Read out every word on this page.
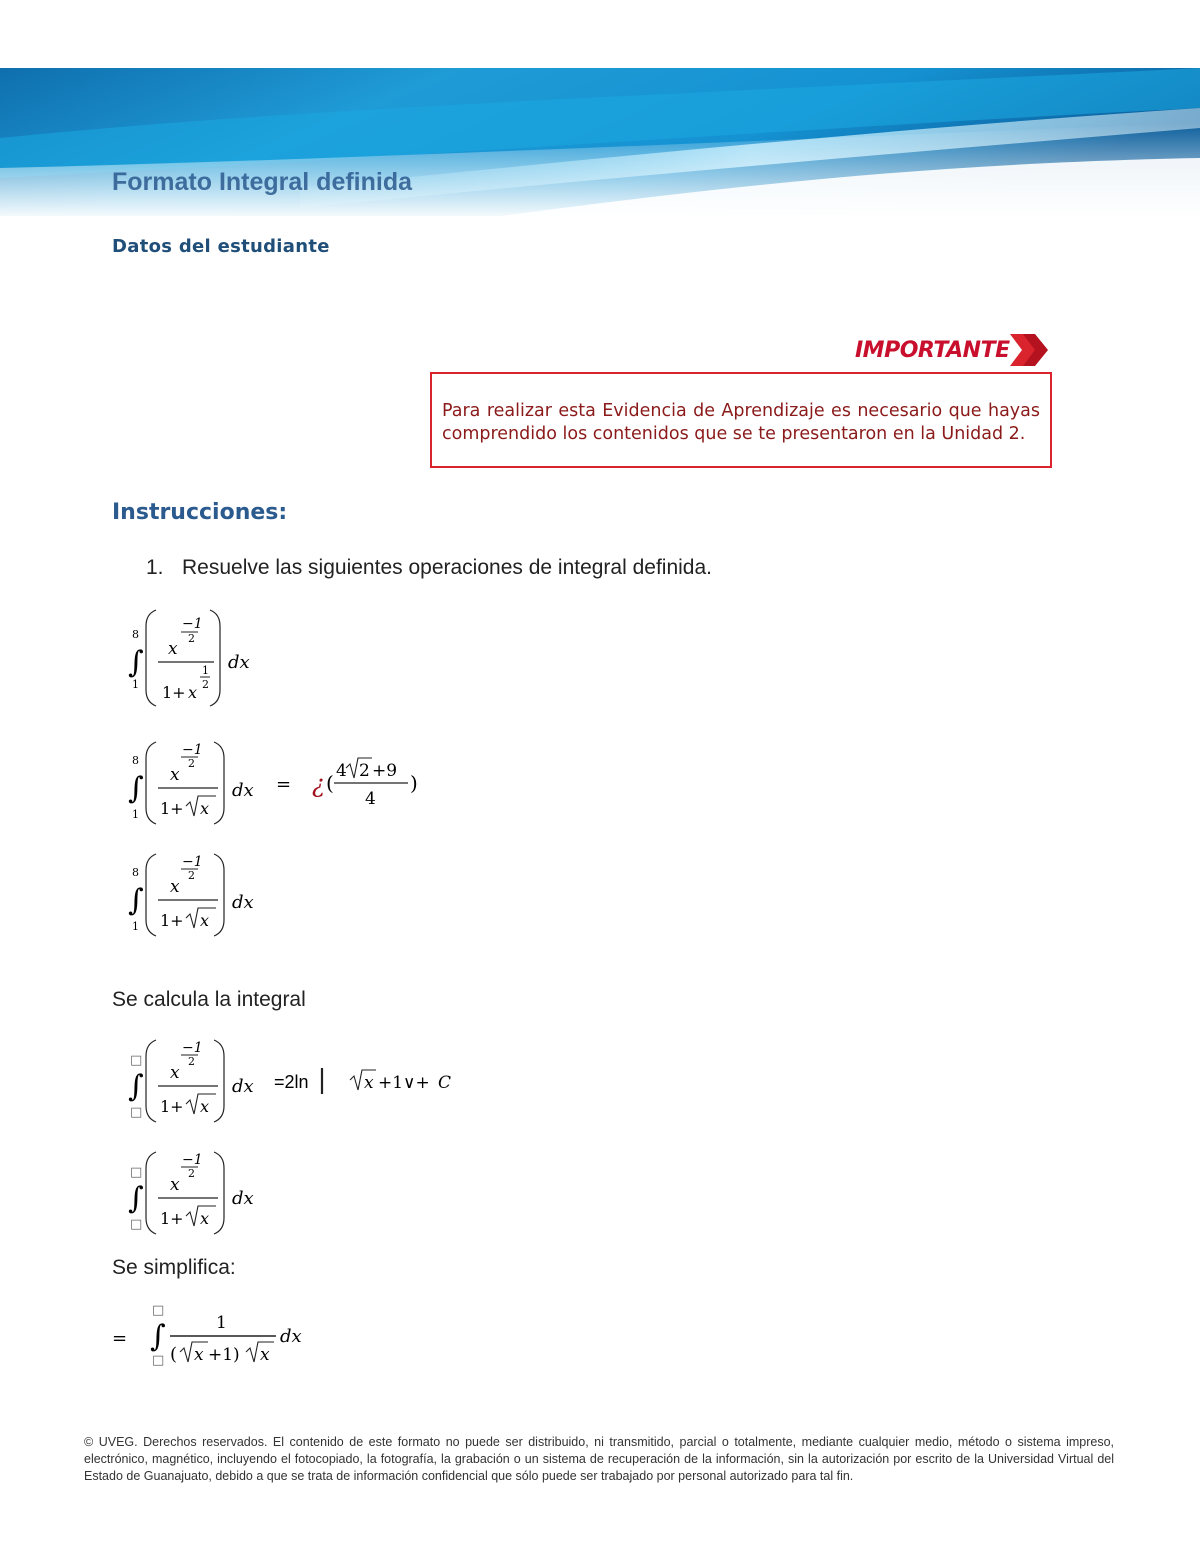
Formato Integral definida
Datos del estudiante
IMPORTANTE
Para realizar esta Evidencia de Aprendizaje es necesario que hayas comprendido los contenidos que se te presentaron en la Unidad 2.
Instrucciones:
1. Resuelve las siguientes operaciones de integral definida.
8
∫
1
−1
2
x
1
2
1+ x
dx
8
∫
1
−1
2
x
1+ x
dx = ¿ ( 4 2 +9
4
)
8
∫
1
−1
2
x
1+ x
dx
Se calcula la integral
□
∫
□
−1
2
x
1+ x
dx =2ln	x +1∨+ C
□
∫
□
−1
2
x
1+ x
dx
Se simplifica:
=
□
∫
□
1
( x +1) x
dx
© UVEG. Derechos reservados. El contenido de este formato no puede ser distribuido, ni transmitido, parcial o totalmente, mediante cualquier medio, método o sistema impreso, electrónico, magnético, incluyendo el fotocopiado, la fotografía, la grabación o un sistema de recuperación de la información, sin la autorización por escrito de la Universidad Virtual del Estado de Guanajuato, debido a que se trata de información confidencial que sólo puede ser trabajado por personal autorizado para tal fin.
